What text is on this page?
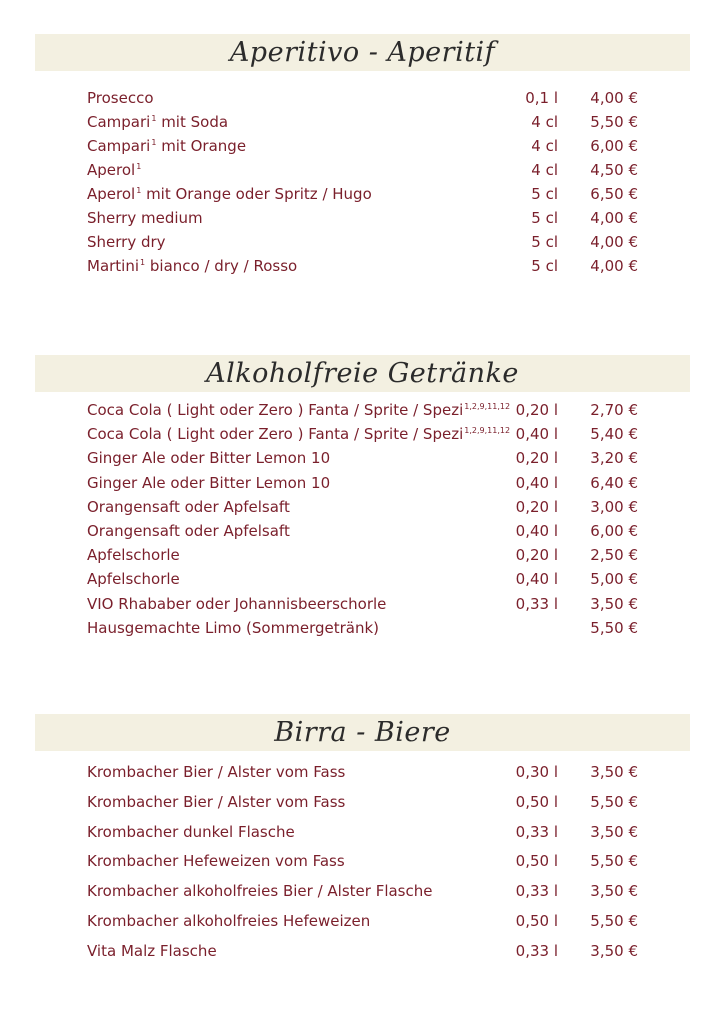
Aperitivo - Aperitif
Prosecco	0,1 l	4,00 €
Campari$^1$ mit Soda	4 cl	5,50 €
Campari$^1$ mit Orange	4 cl	6,00 €
Aperol$^1$	4 cl	4,50 €
Aperol$^1$ mit Orange oder Spritz / Hugo	5 cl	6,50 €
Sherry medium	5 cl	4,00 €
Sherry dry	5 cl	4,00 €
Martini$^1$ bianco / dry / Rosso	5 cl	4,00 €
Alkoholfreie Getränke
Coca Cola ( Light oder Zero ) Fanta / Sprite / Spezi$^{1,2,9,11,12}$ 0,20 l	2,70 €
Coca Cola ( Light oder Zero ) Fanta / Sprite / Spezi$^{1,2,9,11,12}$ 0,40 l	5,40 €
Ginger Ale oder Bitter Lemon 10	0,20 l	3,20 €
Ginger Ale oder Bitter Lemon 10	0,40 l	6,40 €
Orangensaft oder Apfelsaft	0,20 l	3,00 €
Orangensaft oder Apfelsaft	0,40 l	6,00 €
Apfelschorle	0,20 l	2,50 €
Apfelschorle	0,40 l	5,00 €
VIO Rhababer oder Johannisbeerschorle	0,33 l	3,50 €
Hausgemachte Limo (Sommergetränk)	5,50 €
Birra - Biere
Krombacher Bier / Alster vom Fass	0,30 l	3,50 €
Krombacher Bier / Alster vom Fass	0,50 l	5,50 €
Krombacher dunkel Flasche	0,33 l	3,50 €
Krombacher Hefeweizen vom Fass	0,50 l	5,50 €
Krombacher alkoholfreies Bier / Alster Flasche	0,33 l	3,50 €
Krombacher alkoholfreies Hefeweizen	0,50 l	5,50 €
Vita Malz Flasche	0,33 l	3,50 €
